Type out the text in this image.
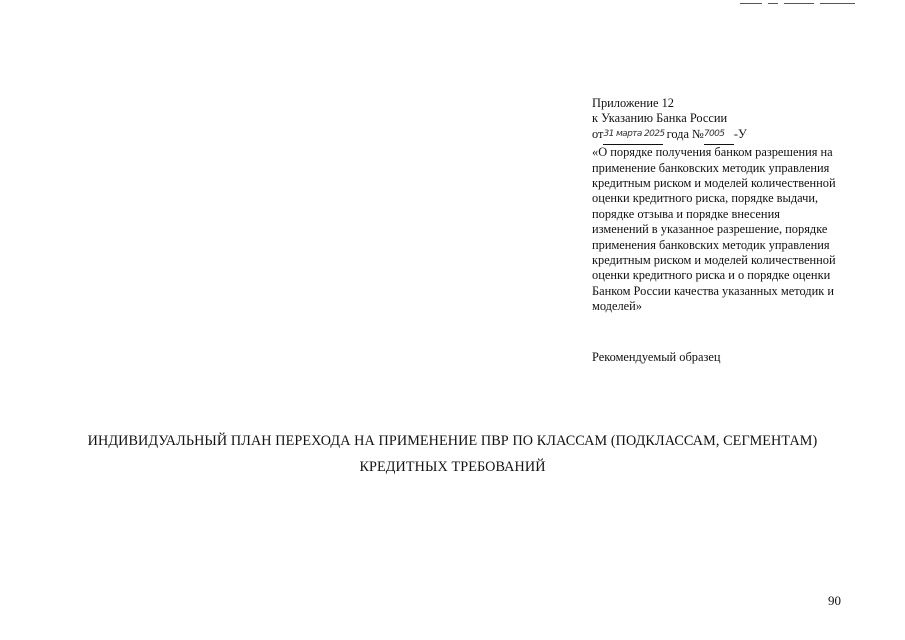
Приложение 12
к Указанию Банка России
от31 марта 2025 года №7005 -У
«О порядке получения банком разрешения на
применение банковских методик управления
кредитным риском и моделей количественной
оценки кредитного риска, порядке выдачи,
порядке отзыва и порядке внесения
изменений в указанное разрешение, порядке
применения банковских методик управления
кредитным риском и моделей количественной
оценки кредитного риска и о порядке оценки
Банком России качества указанных методик и
моделей»
Рекомендуемый образец
ИНДИВИДУАЛЬНЫЙ ПЛАН ПЕРЕХОДА НА ПРИМЕНЕНИЕ ПВР ПО КЛАССАМ (ПОДКЛАССАМ, СЕГМЕНТАМ)
КРЕДИТНЫХ ТРЕБОВАНИЙ
90
